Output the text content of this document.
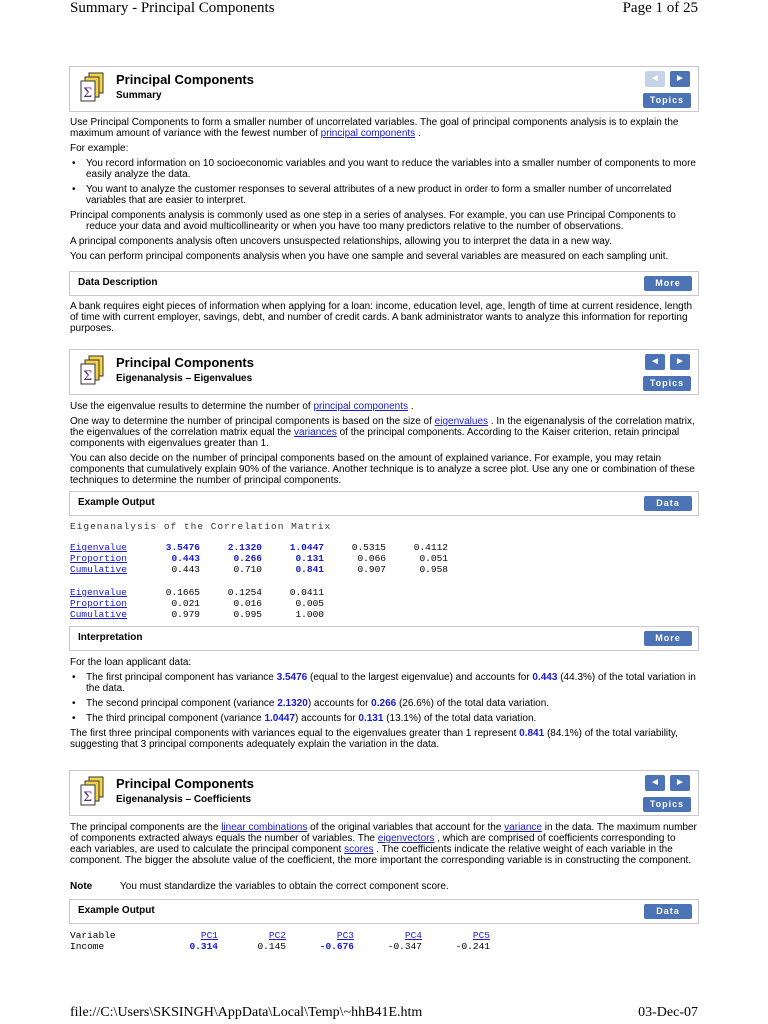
Summary - Principal Components	Page 1 of 25
Σ
Principal Components
Summary
◄	►
Topics

Use Principal Components to form a smaller number of uncorrelated variables. The goal of principal components analysis is to explain the maximum amount of variance with the fewest number of principal components .

For example:

• You record information on 10 socioeconomic variables and you want to reduce the variables into a smaller number of components to more easily analyze the data.
• You want to analyze the customer responses to several attributes of a new product in order to form a smaller number of uncorrelated variables that are easier to interpret.

Principal components analysis is commonly used as one step in a series of analyses. For example, you can use Principal Components to reduce your data and avoid multicollinearity or when you have too many predictors relative to the number of observations.

A principal components analysis often uncovers unsuspected relationships, allowing you to interpret the data in a new way.

You can perform principal components analysis when you have one sample and several variables are measured on each sampling unit.

Data Description	More
A bank requires eight pieces of information when applying for a loan: income, education level, age, length of time at current residence, length of time with current employer, savings, debt, and number of credit cards. A bank administrator wants to analyze this information for reporting purposes.
Σ
Principal Components
Eigenanalysis – Eigenvalues
◄	►
Topics

Use the eigenvalue results to determine the number of principal components .

One way to determine the number of principal components is based on the size of eigenvalues . In the eigenanalysis of the correlation matrix, the eigenvalues of the correlation matrix equal the variances of the principal components. According to the Kaiser criterion, retain principal components with eigenvalues greater than 1.

You can also decide on the number of principal components based on the amount of explained variance. For example, you may retain components that cumulatively explain 90% of the variance. Another technique is to analyze a scree plot. Use any one or combination of these techniques to determine the number of principal components.

Example Output	Data
Eigenanalysis of the Correlation Matrix
Eigenvalue	3.5476	2.1320	1.0447	0.5315	0.4112
Proportion	0.443	0.266	0.131	0.066	0.051
Cumulative	0.443	0.710	0.841	0.907	0.958
Eigenvalue	0.1665	0.1254	0.0411
Proportion	0.021	0.016	0.005
Cumulative	0.979	0.995	1.000
Interpretation	More

For the loan applicant data:

• The first principal component has variance 3.5476 (equal to the largest eigenvalue) and accounts for 0.443 (44.3%) of the total variation in the data.
• The second principal component (variance 2.1320) accounts for 0.266 (26.6%) of the total data variation.
• The third principal component (variance 1.0447) accounts for 0.131 (13.1%) of the total data variation.

The first three principal components with variances equal to the eigenvalues greater than 1 represent 0.841 (84.1%) of the total variability, suggesting that 3 principal components adequately explain the variation in the data.

Σ
Principal Components
Eigenanalysis – Coefficients
◄	►
Topics

The principal components are the linear combinations of the original variables that account for the variance in the data. The maximum number of components extracted always equals the number of variables. The eigenvectors , which are comprised of coefficients corresponding to each variables, are used to calculate the principal component scores . The coefficients indicate the relative weight of each variable in the component. The bigger the absolute value of the coefficient, the more important the corresponding variable is in constructing the component.

Note	You must standardize the variables to obtain the correct component score.
Example Output	Data
Variable	PC1	PC2	PC3	PC4	PC5
Income	0.314	0.145	-0.676	-0.347	-0.241
file://C:\Users\SKSINGH\AppData\Local\Temp\~hhB41E.htm	03-Dec-07
